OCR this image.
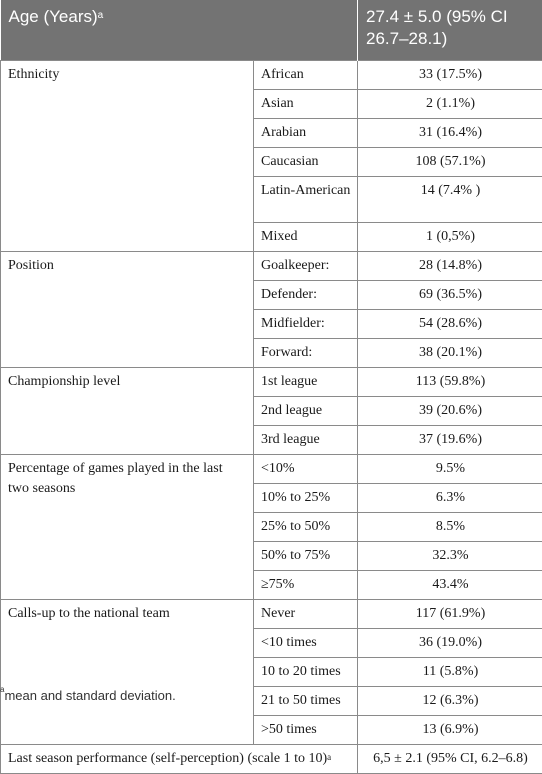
Age (Years)$^a$		27.4 ± 5.0 (95% CI 26.7–28.1)
Ethnicity	African	33 (17.5%)
	Asian	2 (1.1%)
	Arabian	31 (16.4%)
	Caucasian	108 (57.1%)
	Latin-American	14 (7.4% )
	Mixed	1 (0,5%)
Position	Goalkeeper:	28 (14.8%)
	Defender:	69 (36.5%)
	Midfielder:	54 (28.6%)
	Forward:	38 (20.1%)
Championship level	1st league	113 (59.8%)
	2nd league	39 (20.6%)
	3rd league	37 (19.6%)
Percentage of games played in the last two seasons	<10%	9.5%
	10% to 25%	6.3%
	25% to 50%	8.5%
	50% to 75%	32.3%
	≥75%	43.4%
Calls-up to the national team	Never	117 (61.9%)
	<10 times	36 (19.0%)
	10 to 20 times	11 (5.8%)
	21 to 50 times	12 (6.3%)
	>50 times	13 (6.9%)
Last season performance (self-perception) (scale 1 to 10)$^a$		6,5 ± 2.1 (95% CI, 6.2–6.8)
$^a$mean and standard deviation.
